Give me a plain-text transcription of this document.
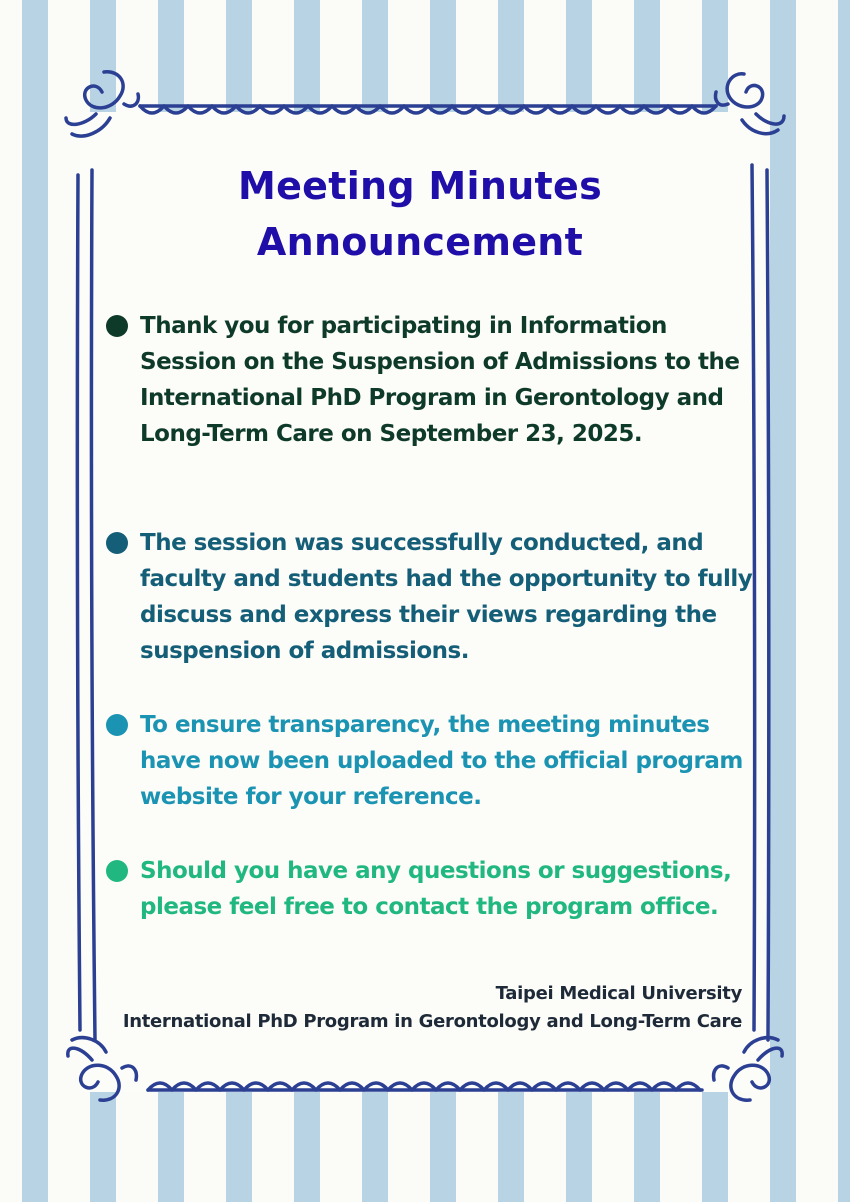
Meeting Minutes
Announcement

Thank you for participating in Information Session on the Suspension of Admissions to the International PhD Program in Gerontology and Long-Term Care on September 23, 2025.

The session was successfully conducted, and faculty and students had the opportunity to fully discuss and express their views regarding the suspension of admissions.

To ensure transparency, the meeting minutes have now been uploaded to the official program website for your reference.

Should you have any questions or suggestions, please feel free to contact the program office.

Taipei Medical University
International PhD Program in Gerontology and Long-Term Care
